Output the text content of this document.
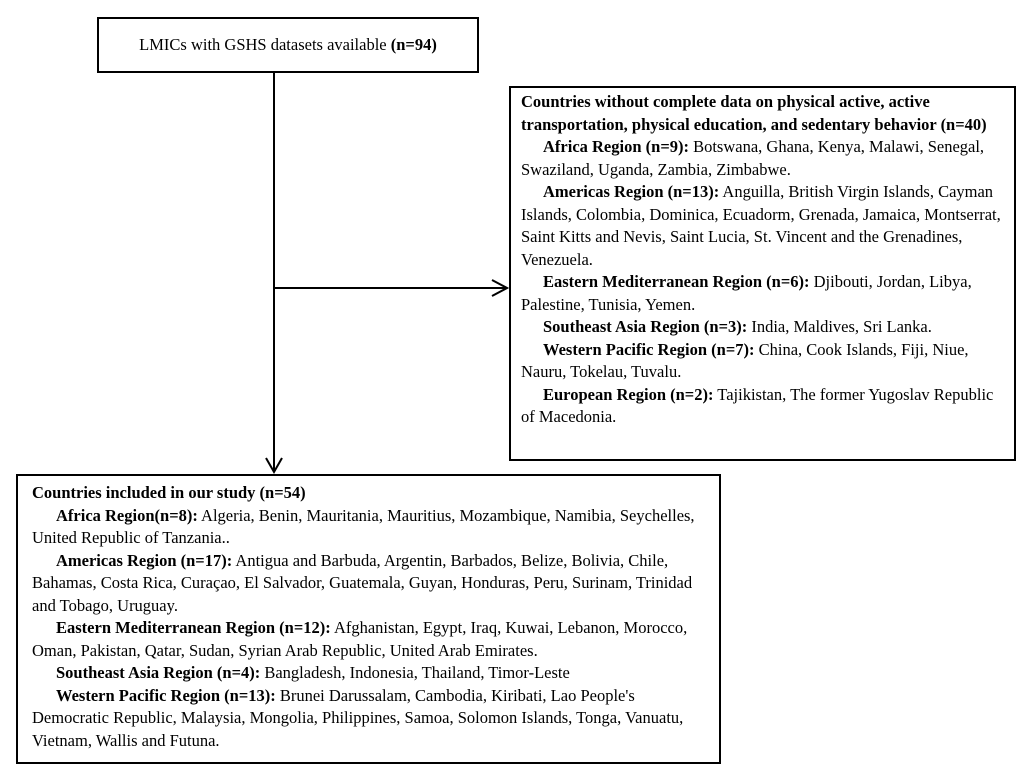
LMICs with GSHS datasets available (n=94)
Countries without complete data on physical active, active transportation, physical education, and sedentary behavior (n=40)
Africa Region (n=9): Botswana, Ghana, Kenya, Malawi, Senegal, Swaziland, Uganda, Zambia, Zimbabwe.
Americas Region (n=13): Anguilla, British Virgin Islands, Cayman Islands, Colombia, Dominica, Ecuadorm, Grenada, Jamaica, Montserrat, Saint Kitts and Nevis, Saint Lucia, St. Vincent and the Grenadines, Venezuela.
Eastern Mediterranean Region (n=6): Djibouti, Jordan, Libya, Palestine, Tunisia, Yemen.
Southeast Asia Region (n=3): India, Maldives, Sri Lanka.
Western Pacific Region (n=7): China, Cook Islands, Fiji, Niue, Nauru, Tokelau, Tuvalu.
European Region (n=2): Tajikistan, The former Yugoslav Republic of Macedonia.
Countries included in our study (n=54)
Africa Region(n=8): Algeria, Benin, Mauritania, Mauritius, Mozambique, Namibia, Seychelles, United Republic of Tanzania..
Americas Region (n=17): Antigua and Barbuda, Argentin, Barbados, Belize, Bolivia, Chile, Bahamas, Costa Rica, Curaçao, El Salvador, Guatemala, Guyan, Honduras, Peru, Surinam, Trinidad and Tobago, Uruguay.
Eastern Mediterranean Region (n=12): Afghanistan, Egypt, Iraq, Kuwai, Lebanon, Morocco, Oman, Pakistan, Qatar, Sudan, Syrian Arab Republic, United Arab Emirates.
Southeast Asia Region (n=4): Bangladesh, Indonesia, Thailand, Timor-Leste
Western Pacific Region (n=13): Brunei Darussalam, Cambodia, Kiribati, Lao People's Democratic Republic, Malaysia, Mongolia, Philippines, Samoa, Solomon Islands, Tonga, Vanuatu, Vietnam, Wallis and Futuna.
